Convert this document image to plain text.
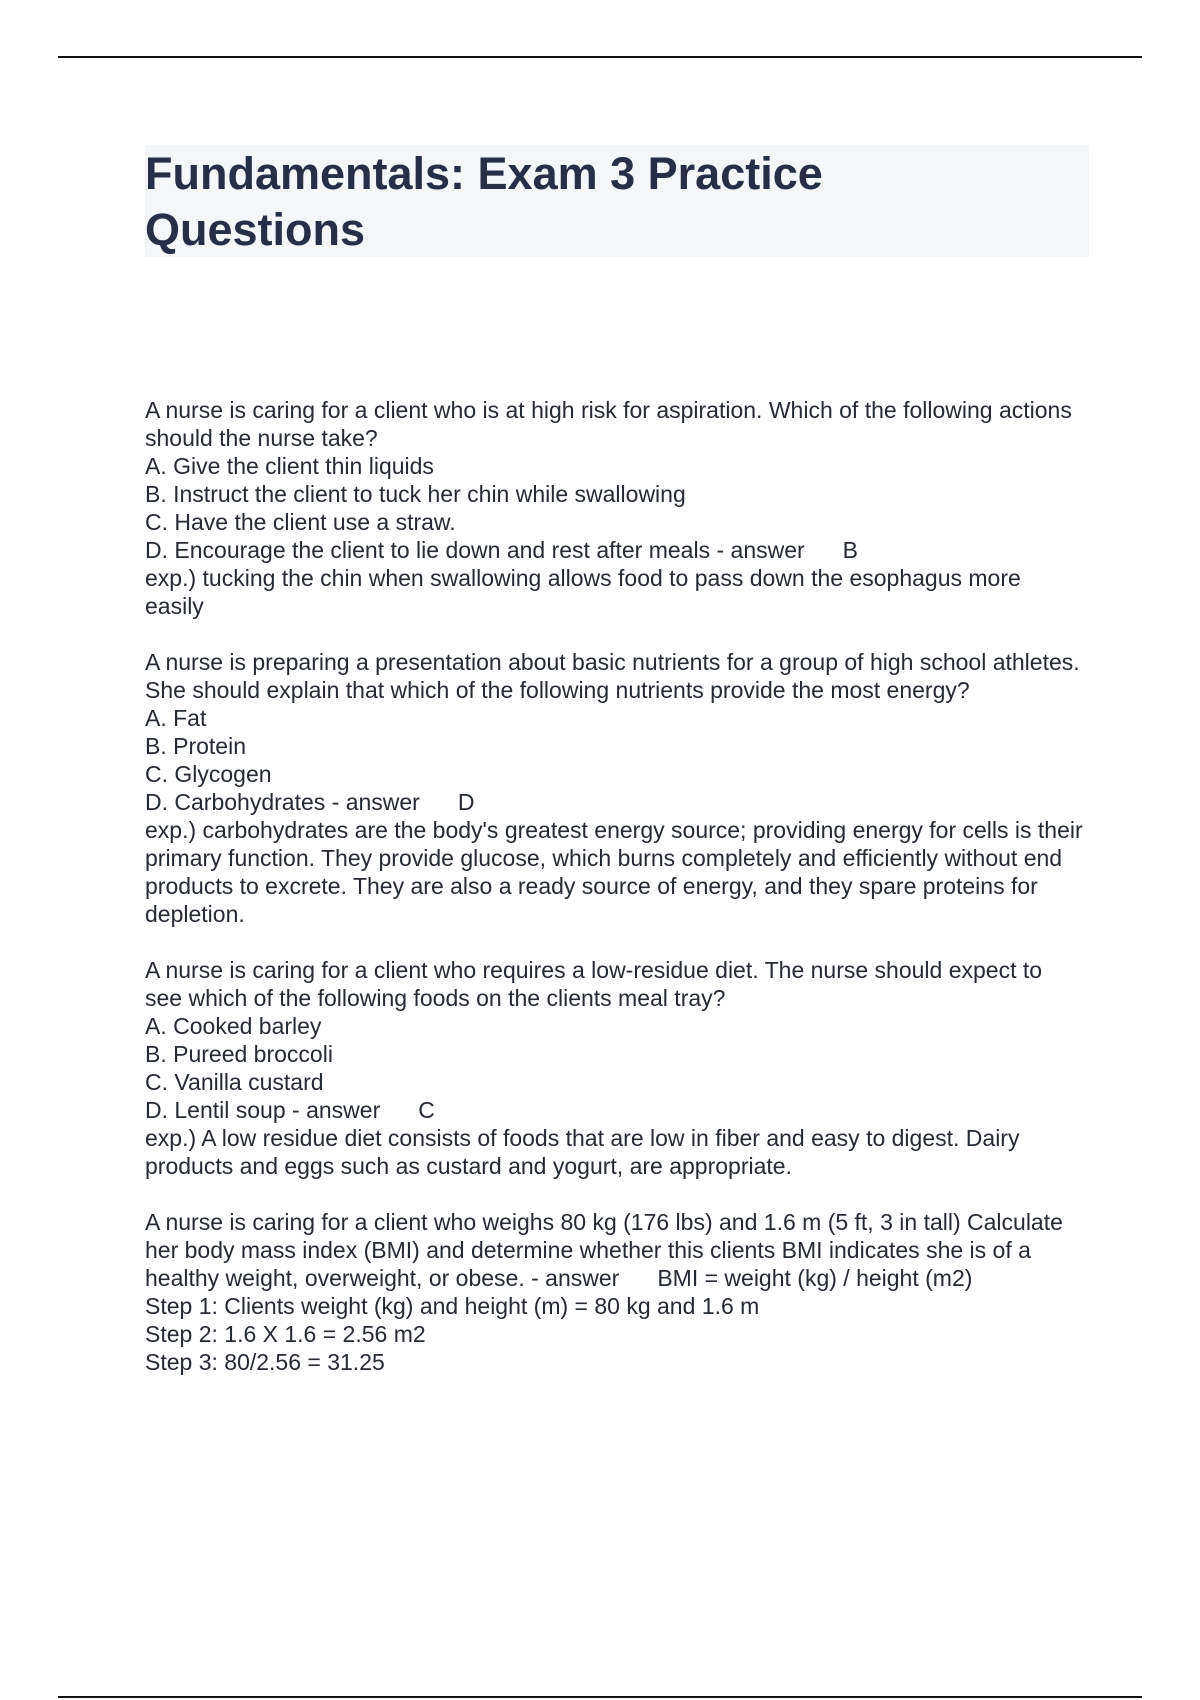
Fundamentals: Exam 3 Practice Questions
A nurse is caring for a client who is at high risk for aspiration. Which of the following actions should the nurse take?
A. Give the client thin liquids
B. Instruct the client to tuck her chin while swallowing
C. Have the client use a straw.
D. Encourage the client to lie down and rest after meals - answer B
exp.) tucking the chin when swallowing allows food to pass down the esophagus more easily
A nurse is preparing a presentation about basic nutrients for a group of high school athletes. She should explain that which of the following nutrients provide the most energy?
A. Fat
B. Protein
C. Glycogen
D. Carbohydrates - answer D
exp.) carbohydrates are the body's greatest energy source; providing energy for cells is their primary function. They provide glucose, which burns completely and efficiently without end products to excrete. They are also a ready source of energy, and they spare proteins for depletion.
A nurse is caring for a client who requires a low-residue diet. The nurse should expect to see which of the following foods on the clients meal tray?
A. Cooked barley
B. Pureed broccoli
C. Vanilla custard
D. Lentil soup - answer C
exp.) A low residue diet consists of foods that are low in fiber and easy to digest. Dairy products and eggs such as custard and yogurt, are appropriate.
A nurse is caring for a client who weighs 80 kg (176 lbs) and 1.6 m (5 ft, 3 in tall) Calculate her body mass index (BMI) and determine whether this clients BMI indicates she is of a healthy weight, overweight, or obese. - answer BMI = weight (kg) / height (m2)
Step 1: Clients weight (kg) and height (m) = 80 kg and 1.6 m
Step 2: 1.6 X 1.6 = 2.56 m2
Step 3: 80/2.56 = 31.25
